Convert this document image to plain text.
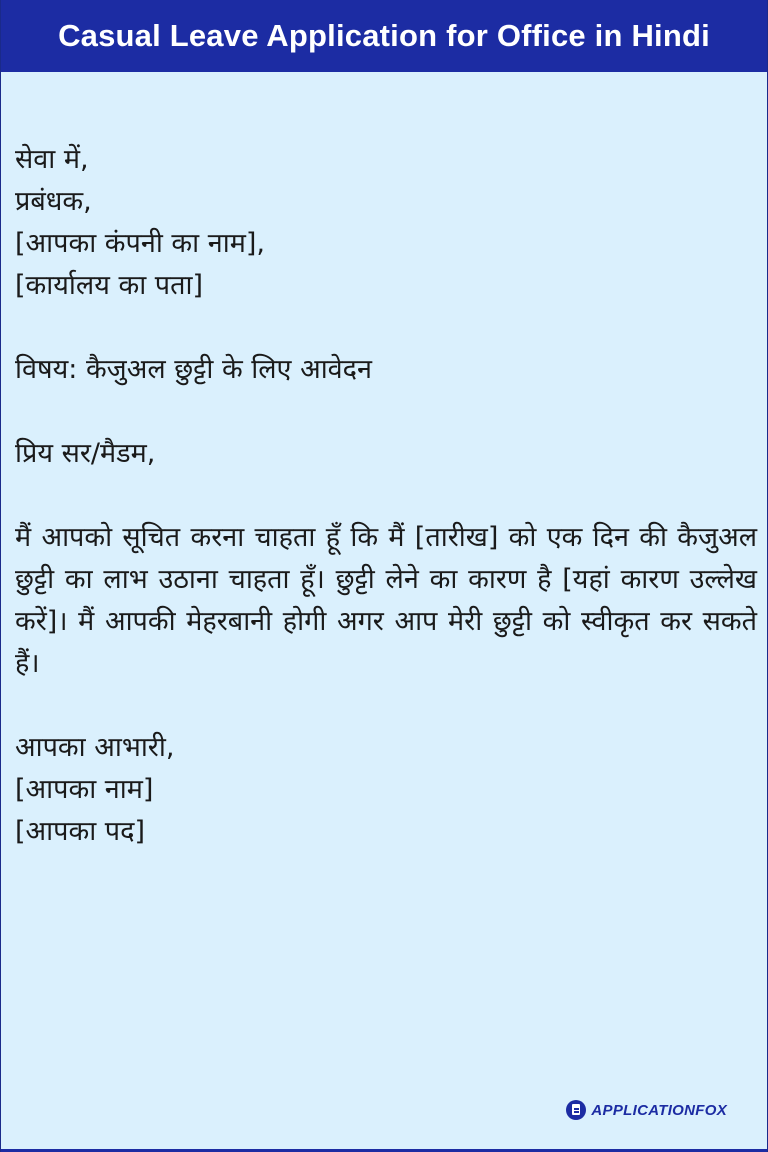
Casual Leave Application for Office in Hindi
सेवा में,
प्रबंधक,
[आपका कंपनी का नाम],
[कार्यालय का पता]
विषय: कैजुअल छुट्टी के लिए आवेदन
प्रिय सर/मैडम,
मैं आपको सूचित करना चाहता हूँ कि मैं [तारीख] को एक दिन की कैजुअल छुट्टी का लाभ उठाना चाहता हूँ। छुट्टी लेने का कारण है [यहां कारण उल्लेख करें]। मैं आपकी मेहरबानी होगी अगर आप मेरी छुट्टी को स्वीकृत कर सकते हैं।
आपका आभारी,
[आपका नाम]
[आपका पद]
APPLICATIONFOX
